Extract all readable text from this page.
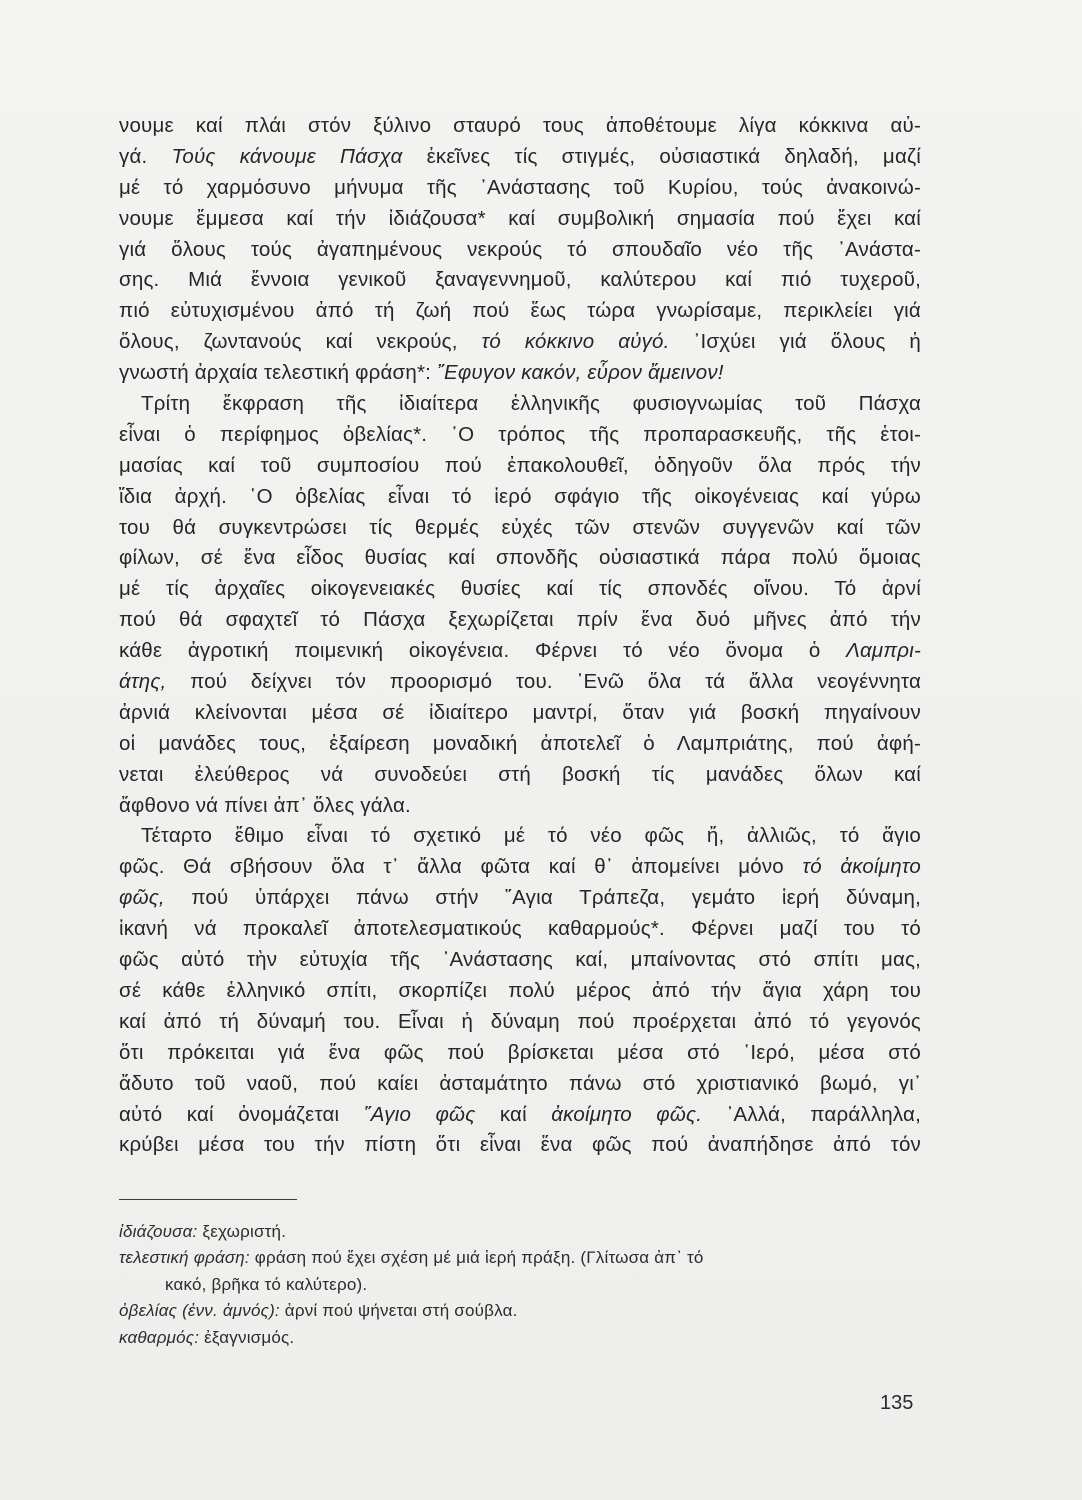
νουμε καί πλάι στόν ξύλινο σταυρό τους ἀποθέτουμε λίγα κόκκινα αὐ-
γά. Τούς κάνουμε Πάσχα ἐκεῖνες τίς στιγμές, οὐσιαστικά δηλαδή, μαζί
μέ τό χαρμόσυνο μήνυμα τῆς ᾿Ανάστασης τοῦ Κυρίου, τούς ἀνακοινώ-
νουμε ἔμμεσα καί τήν ἰδιάζουσα* καί συμβολική σημασία πού ἔχει καί
γιά ὅλους τούς ἀγαπημένους νεκρούς τό σπουδαῖο νέο τῆς ᾿Ανάστα-
σης. Μιά ἔννοια γενικοῦ ξαναγεννημοῦ, καλύτερου καί πιό τυχεροῦ,
πιό εὐτυχισμένου ἀπό τή ζωή πού ἕως τώρα γνωρίσαμε, περικλείει γιά
ὅλους, ζωντανούς καί νεκρούς, τό κόκκινο αὐγό. ᾿Ισχύει γιά ὅλους ἡ
γνωστή ἀρχαία τελεστική φράση*: ῎Εφυγον κακόν, εὗρον ἄμεινον!
Τρίτη ἔκφραση τῆς ἰδιαίτερα ἑλληνικῆς φυσιογνωμίας τοῦ Πάσχα
εἶναι ὁ περίφημος ὀβελίας*. ῾Ο τρόπος τῆς προπαρασκευῆς, τῆς ἑτοι-
μασίας καί τοῦ συμποσίου πού ἐπακολουθεῖ, ὁδηγοῦν ὅλα πρός τήν
ἴδια ἀρχή. ῾Ο ὀβελίας εἶναι τό ἱερό σφάγιο τῆς οἰκογένειας καί γύρω
του θά συγκεντρώσει τίς θερμές εὐχές τῶν στενῶν συγγενῶν καί τῶν
φίλων, σέ ἕνα εἶδος θυσίας καί σπονδῆς οὐσιαστικά πάρα πολύ ὅμοιας
μέ τίς ἀρχαῖες οἰκογενειακές θυσίες καί τίς σπονδές οἴνου. Τό ἀρνί
πού θά σφαχτεῖ τό Πάσχα ξεχωρίζεται πρίν ἕνα δυό μῆνες ἀπό τήν
κάθε ἀγροτική ποιμενική οἰκογένεια. Φέρνει τό νέο ὄνομα ὁ Λαμπρι-
άτης, πού δείχνει τόν προορισμό του. ᾿Ενῶ ὅλα τά ἄλλα νεογέννητα
ἀρνιά κλείνονται μέσα σέ ἰδιαίτερο μαντρί, ὅταν γιά βοσκή πηγαίνουν
οἱ μανάδες τους, ἐξαίρεση μοναδική ἀποτελεῖ ὁ Λαμπριάτης, πού ἀφή-
νεται ἐλεύθερος νά συνοδεύει στή βοσκή τίς μανάδες ὅλων καί
ἄφθονο νά πίνει ἀπ᾽ ὅλες γάλα.
Τέταρτο ἔθιμο εἶναι τό σχετικό μέ τό νέο φῶς ἤ, ἀλλιῶς, τό ἅγιο
φῶς. Θά σβήσουν ὅλα τ᾽ ἄλλα φῶτα καί θ᾽ ἀπομείνει μόνο τό ἀκοίμητο
φῶς, πού ὑπάρχει πάνω στήν ῞Αγια Τράπεζα, γεμάτο ἱερή δύναμη,
ἱκανή νά προκαλεῖ ἀποτελεσματικούς καθαρμούς*. Φέρνει μαζί του τό
φῶς αὐτό τὴν εὐτυχία τῆς ᾿Ανάστασης καί, μπαίνοντας στό σπίτι μας,
σέ κάθε ἑλληνικό σπίτι, σκορπίζει πολύ μέρος ἀπό τήν ἅγια χάρη του
καί ἀπό τή δύναμή του. Εἶναι ἡ δύναμη πού προέρχεται ἀπό τό γεγονός
ὅτι πρόκειται γιά ἕνα φῶς πού βρίσκεται μέσα στό ῾Ιερό, μέσα στό
ἄδυτο τοῦ ναοῦ, πού καίει ἀσταμάτητο πάνω στό χριστιανικό βωμό, γι᾽
αὐτό καί ὀνομάζεται ῞Αγιο φῶς καί ἀκοίμητο φῶς. ᾿Αλλά, παράλληλα,
κρύβει μέσα του τήν πίστη ὅτι εἶναι ἕνα φῶς πού ἀναπήδησε ἀπό τόν
ἰδιάζουσα: ξεχωριστή.
τελεστική φράση: φράση πού ἔχει σχέση μέ μιά ἱερή πράξη. (Γλίτωσα ἀπ᾽ τό
κακό, βρῆκα τό καλύτερο).
ὀβελίας (ἐνν. ἀμνός): ἀρνί πού ψήνεται στή σούβλα.
καθαρμός: ἐξαγνισμός.
135
